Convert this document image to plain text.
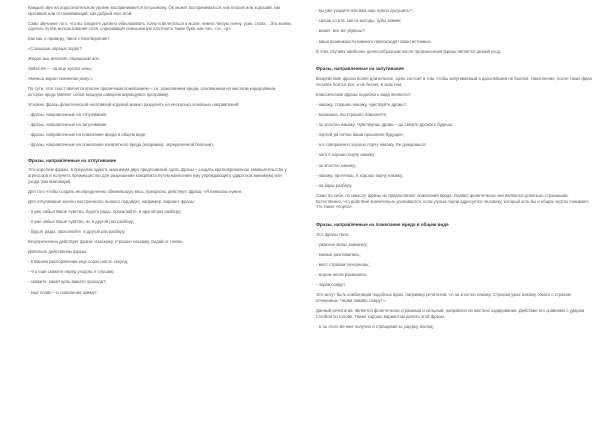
Каждый звук на подсознательном уровне воспринимается по-разному. Он может восприниматься, как плохой или хороший, как красивый или отталкивающий, как добрый или злой.

Само звучание того, что вы говорите должно обволакивать толку и вплетаться в мозги, нежно легкую ленну, усик, страх... Это можно сделать путём использования слов, содержащих повышенную плотность таких букв, как «ж», «з», «р».

Как как, к примеру, такое стихотворение?

«Слышишь хорошо зорро?

Жорон вьи жестет страшным апо.

Звёзд же — на мир жутко хоны,

Уменьш жарон сожжение рожу.».

По сути, этот текст является вполне приличным пожеланием – т.е. пожеланием вреда, основанным на жестком кодировании, которое представляет собой мощную самореализующуюся программу.

Условно фразы фонетической негативной кодовой можно разделить на несколько основных направлений:

- фразы, направленные на отпугивание;

- фразы, направленные на запугивание;

- фразы, направленные на пожелание вреда в общем виде;

- фразы, направленные на пожелание конкретного вреда (например, определенной болезни).

Фразы, направленные на отпугивание

Это короткие фразы, в пределах одного, максимум двух предложений. Цель фразы – создать кратковременное замешательство у агрессора и получить преимущество для разрешения конфликта путем нанесения ему упреждающего удара (как минимум) или ухода (как максимум).

Для того чтобы создать неопределенно обвиняющую весь, прекрасно действует фраза: «Я нанюхаю нужен.

Для отпугивания заочно настроенного пьяного подойдет, например, вариант фразы:

- я уже забыл Ваше чувство; будете рады, прокалюйте, в другой раз разберу;

- я уже забыл Ваше чувство; но в другой раз разберу;

- будьте рады, прокалюйте, в другой раз разберу.

Безупречненно действует фраза «Наскажу, страшно наскажу, сыдай от гнева».

Довольно действенны фразы:

- в Вашем распоряжении еще сорок шесть секунд;

- что еще скажете перед уходом, я слушаю;

- скажите, какая цель вашего прихода?;

- еще слово – и сожаления зажмут;

- вы уже уходите или вам еще нужно досушить?;

- срешь со рта, как из колоды, зубы зажим;

- может, все же уйдешь?;

- ваши возможности намного превосходят ваши истинные.

В этих случаях наиболее целесообразным после произнесения фразы является резкий уход.

Фразы, направленные на запугивание

Воздействие фразы более длительное. Цель состоит в том, чтобы запугиваемый в дальнейшем не боялся. Накопление, после таких фраз человек боится все, и не бегает, в знак тем.

Классические фразы подобного вида являются:

- накажу, страшно накажу, чувствуйте дрожь?;

- возможно, вы страшно пожалеете;

- за злостно накажу. Чувствуешь дрожь – до смерти дрожать будешь;

- портей ум нотою ваши прошлили будущее;

- а я совершенно хорошо порчу накажу. Уж дождешься;

- зато я хорошо порчу накажу;

- за злостно накажу;

- накажу, прочтешь, я хорошо порчу накажу;

- на бары разберу.

Само по себе, по смыслу, фразы не предполагают пожелания вреда. Однако фонетически они являются довольно страшными. Естественно, что действие значительно усиливается, если угроза порчи адресуется человеку, который хоть бы и общих чертах понимает, что такое «порча».

Фразы, направленные на пожелание вреда в общем виде

Это фразы типа:

- ужасное жилы замерзну;

- южные разложились;

- мест страхом почернешь;

- жором неоги разжались;

- черви сожрут.

Это могут быть комбинации подобных фраз, например речитатив: «А за злостно накажу. Страхом ужас накажу. Ужасо с страхом почернешь. Черви заживо сожрут».

Данный речитатив, является фонетически страшным и сильным, направлен на жесткое кодирование. Действие его сравнимо с ударом столбой по голове. Также хорошо вариантом делать этой фразы:

- а ты этого же мне получил и стращивая кс ущерку, молод;
